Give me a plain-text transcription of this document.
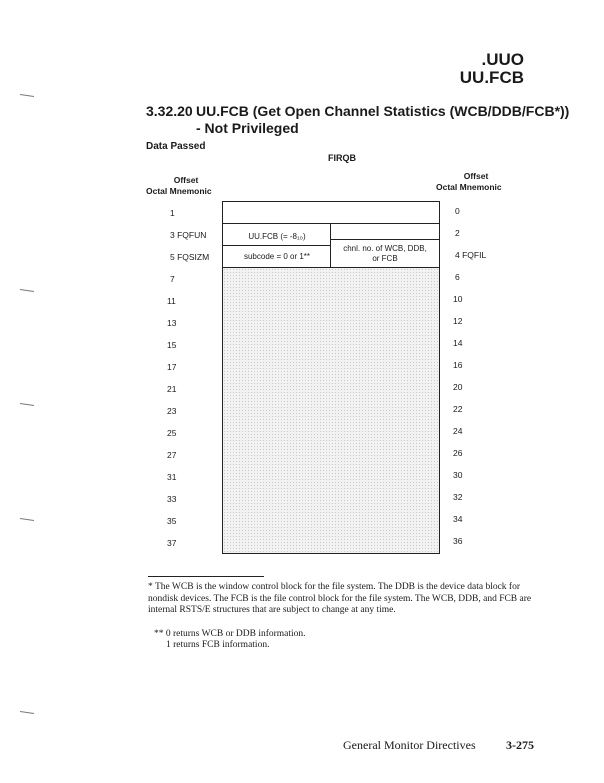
.UUO
UU.FCB
3.32.20 UU.FCB (Get Open Channel Statistics (WCB/DDB/FCB*))
- Not Privileged
Data Passed
FIRQB
Offset
Octal Mnemonic
Offset
Octal Mnemonic
1
3 FQFUN
5 FQSIZM
7
11
13
15
17
21
23
25
27
31
33
35
37
0
2
4 FQFIL
6
10
12
14
16
20
22
24
26
30
32
34
36
UU.FCB (= -8₁₀)
subcode = 0 or 1**
chnl. no. of WCB, DDB,
or FCB
* The WCB is the window control block for the file system. The DDB is the device data block for nondisk devices. The FCB is the file control block for the file system. The WCB, DDB, and FCB are internal RSTS/E structures that are subject to change at any time.
** 0 returns WCB or DDB information.
1 returns FCB information.
General Monitor Directives	3-275
